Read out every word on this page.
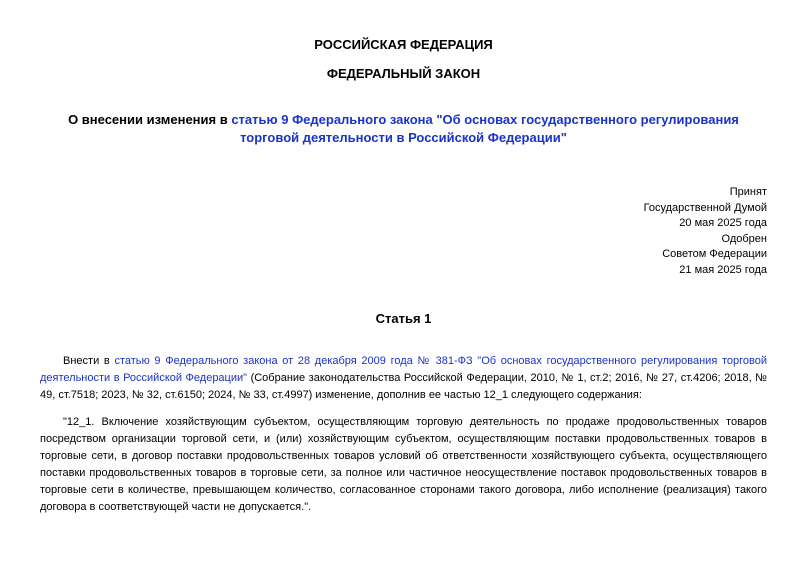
РОССИЙСКАЯ ФЕДЕРАЦИЯ
ФЕДЕРАЛЬНЫЙ ЗАКОН
О внесении изменения в статью 9 Федерального закона "Об основах государственного регулирования торговой деятельности в Российской Федерации"
Принят
Государственной Думой
20 мая 2025 года
Одобрен
Советом Федерации
21 мая 2025 года
Статья 1

Внести в статью 9 Федерального закона от 28 декабря 2009 года № 381-ФЗ "Об основах государственного регулирования торговой деятельности в Российской Федерации" (Собрание законодательства Российской Федерации, 2010, № 1, ст.2; 2016, № 27, ст.4206; 2018, № 49, ст.7518; 2023, № 32, ст.6150; 2024, № 33, ст.4997) изменение, дополнив ее частью 12_1 следующего содержания:

"12_1. Включение хозяйствующим субъектом, осуществляющим торговую деятельность по продаже продовольственных товаров посредством организации торговой сети, и (или) хозяйствующим субъектом, осуществляющим поставки продовольственных товаров в торговые сети, в договор поставки продовольственных товаров условий об ответственности хозяйствующего субъекта, осуществляющего поставки продовольственных товаров в торговые сети, за полное или частичное неосуществление поставок продовольственных товаров в торговые сети в количестве, превышающем количество, согласованное сторонами такого договора, либо исполнение (реализация) такого договора в соответствующей части не допускается.".
